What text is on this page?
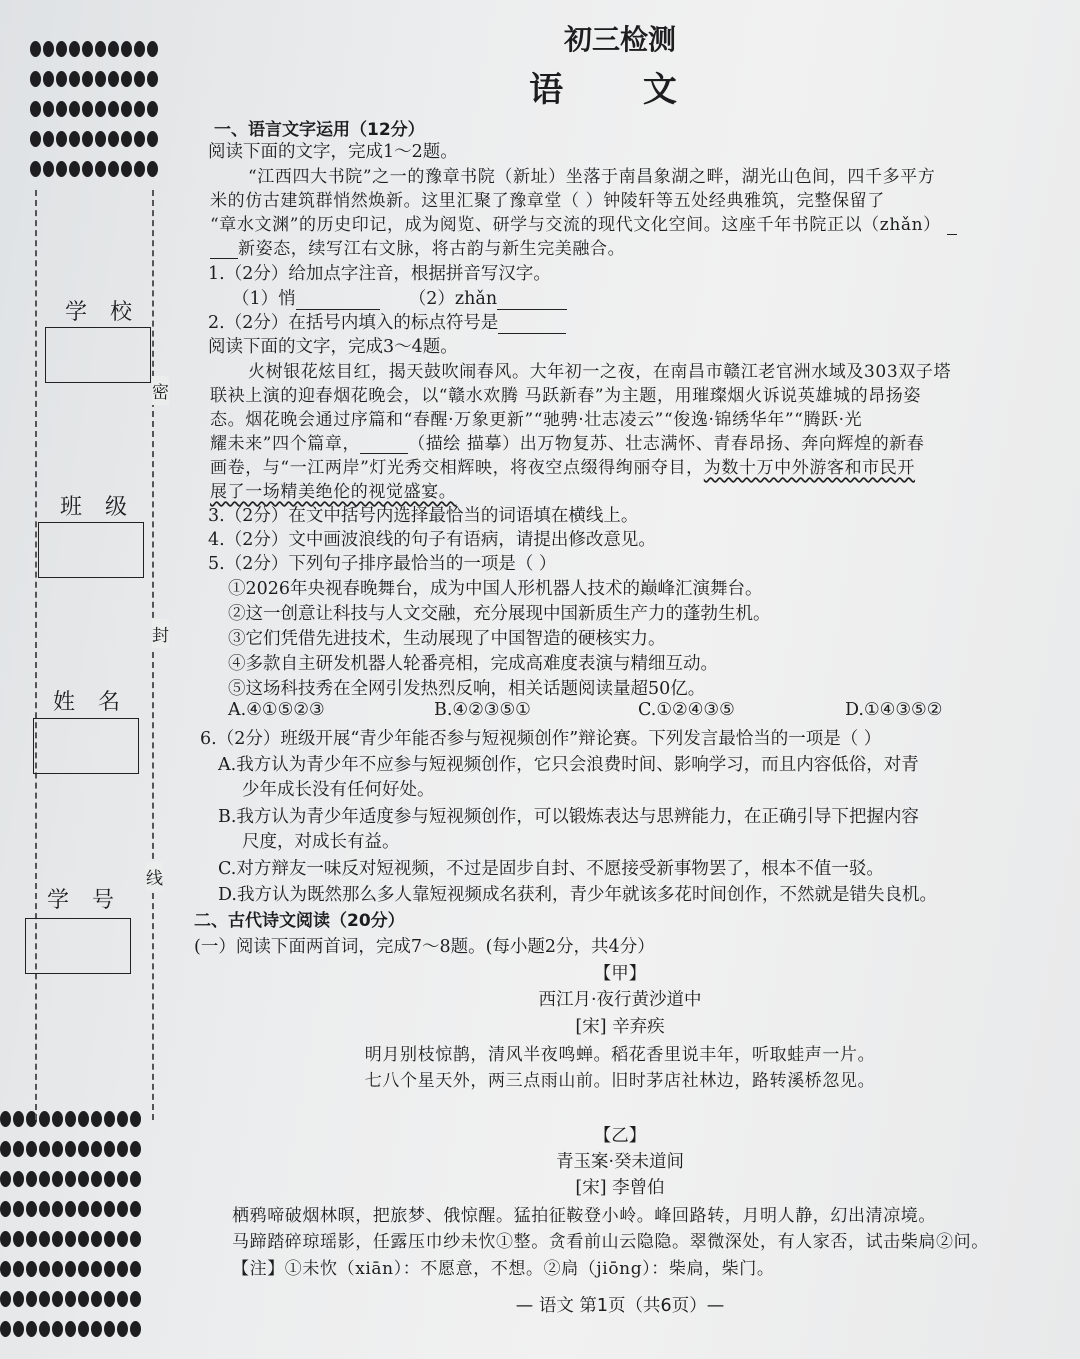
学 校
班 级
姓 名
学 号
密
封
线
初三检测
语 文
一、语言文字运用（12分）
阅读下面的文字，完成1～2题。
“江西四大书院”之一的豫章书院（新址）坐落于南昌象湖之畔，湖光山色间，四千多平方
米的仿古建筑群悄然焕新。这里汇聚了豫章堂（ ）钟陵轩等五处经典雅筑，完整保留了
“章水文渊”的历史印记，成为阅览、研学与交流的现代文化空间。这座千年书院正以（zhǎn）
新姿态，续写江右文脉，将古韵与新生完美融合。
1.（2分）给加点字注音，根据拼音写汉字。
（1）悄	（2）zhǎn
2.（2分）在括号内填入的标点符号是
阅读下面的文字，完成3～4题。
火树银花炫目红，揭天鼓吹闹春风。大年初一之夜，在南昌市赣江老官洲水域及303双子塔
联袂上演的迎春烟花晚会，以“赣水欢腾 马跃新春”为主题，用璀璨烟火诉说英雄城的昂扬姿
态。烟花晚会通过序篇和“春醒·万象更新”“驰骋·壮志凌云”“俊逸·锦绣华年”“腾跃·光
耀未来”四个篇章，	（描绘 描摹）出万物复苏、壮志满怀、青春昂扬、奔向辉煌的新春
画卷，与“一江两岸”灯光秀交相辉映，将夜空点缀得绚丽夺目，为数十万中外游客和市民开
展了一场精美绝伦的视觉盛宴。
3.（2分）在文中括号内选择最恰当的词语填在横线上。
4.（2分）文中画波浪线的句子有语病，请提出修改意见。
5.（2分）下列句子排序最恰当的一项是（ ）
①2026年央视春晚舞台，成为中国人形机器人技术的巅峰汇演舞台。
②这一创意让科技与人文交融，充分展现中国新质生产力的蓬勃生机。
③它们凭借先进技术，生动展现了中国智造的硬核实力。
④多款自主研发机器人轮番亮相，完成高难度表演与精细互动。
⑤这场科技秀在全网引发热烈反响，相关话题阅读量超50亿。
A.④①⑤②③	B.④②③⑤①	C.①②④③⑤	D.①④③⑤②
6.（2分）班级开展“青少年能否参与短视频创作”辩论赛。下列发言最恰当的一项是（ ）
A.我方认为青少年不应参与短视频创作，它只会浪费时间、影响学习，而且内容低俗，对青
少年成长没有任何好处。
B.我方认为青少年适度参与短视频创作，可以锻炼表达与思辨能力，在正确引导下把握内容
尺度，对成长有益。
C.对方辩友一味反对短视频，不过是固步自封、不愿接受新事物罢了，根本不值一驳。
D.我方认为既然那么多人靠短视频成名获利，青少年就该多花时间创作，不然就是错失良机。
二、古代诗文阅读（20分）
(一）阅读下面两首词，完成7～8题。(每小题2分，共4分）
【甲】
西江月·夜行黄沙道中
[宋] 辛弃疾
明月别枝惊鹊，清风半夜鸣蝉。稻花香里说丰年，听取蛙声一片。
七八个星天外，两三点雨山前。旧时茅店社林边，路转溪桥忽见。
【乙】
青玉案·癸未道间
[宋] 李曾伯
栖鸦啼破烟林暝，把旅梦、俄惊醒。猛拍征鞍登小岭。峰回路转，月明人静，幻出清凉境。
马蹄踏碎琼瑶影，任露压巾纱未忺①整。贪看前山云隐隐。翠微深处，有人家否，试击柴扃②问。
【注】①未忺（xiān）：不愿意，不想。②扃（jiōng）：柴扃，柴门。
— 语文 第1页（共6页）—
